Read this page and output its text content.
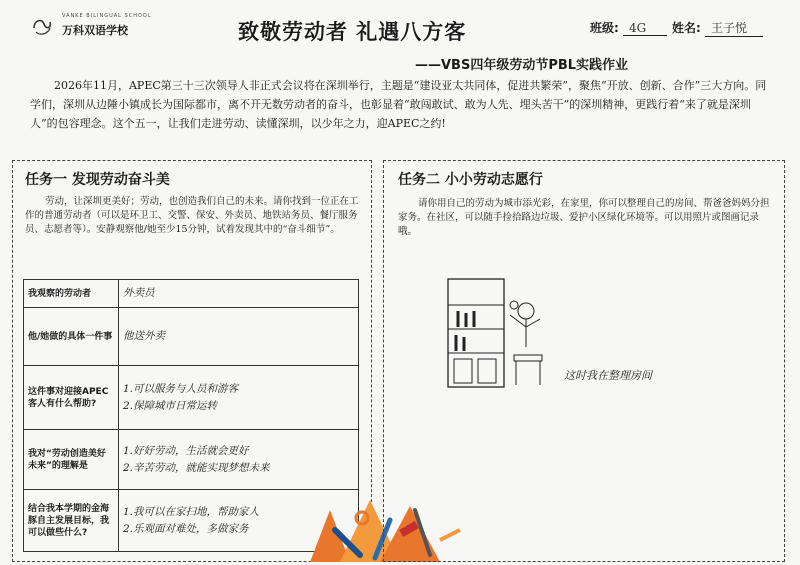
VANKE BILINGUAL SCHOOL
万科双语学校	致敬劳动者 礼遇八方客	班级: 4G	姓名: 王子悦
——VBS四年级劳动节PBL实践作业
2026年11月，APEC第三十三次领导人非正式会议将在深圳举行，主题是“建设亚太共同体，促进共繁荣”，聚焦“开放、创新、合作”三大方向。同学们，深圳从边陲小镇成长为国际都市，离不开无数劳动者的奋斗，也彰显着“敢闯敢试、敢为人先、埋头苦干”的深圳精神，更践行着“来了就是深圳人”的包容理念。这个五一，让我们走进劳动、读懂深圳，以少年之力，迎APEC之约!
任务一 发现劳动奋斗美
劳动，让深圳更美好；劳动，也创造我们自己的未来。请你找到一位正在工作的普通劳动者（可以是环卫工、交警、保安、外卖员、地铁站务员、餐厅服务员、志愿者等）。安静观察他/她至少15分钟，试着发现其中的“奋斗细节”。
我观察的劳动者	外卖员

他/她做的具体一件事	他送外卖

这件事对迎接APEC客人有什么帮助?	1.可以服务与人员和游客
2.保障城市日常运转

我对“劳动创造美好未来”的理解是	1.好好劳动，生活就会更好
2.辛苦劳动，就能实现梦想未来

结合我本学期的金海豚自主发展目标，我可以做些什么?	1.我可以在家扫地，帮助家人
2.乐观面对难处，多做家务
任务二 小小劳动志愿行
请你用自己的劳动为城市添光彩，在家里，你可以整理自己的房间、帮爸爸妈妈分担家务。在社区，可以随手捡拾路边垃圾、爱护小区绿化环境等。可以用照片或图画记录哦。
这时我在整理房间
